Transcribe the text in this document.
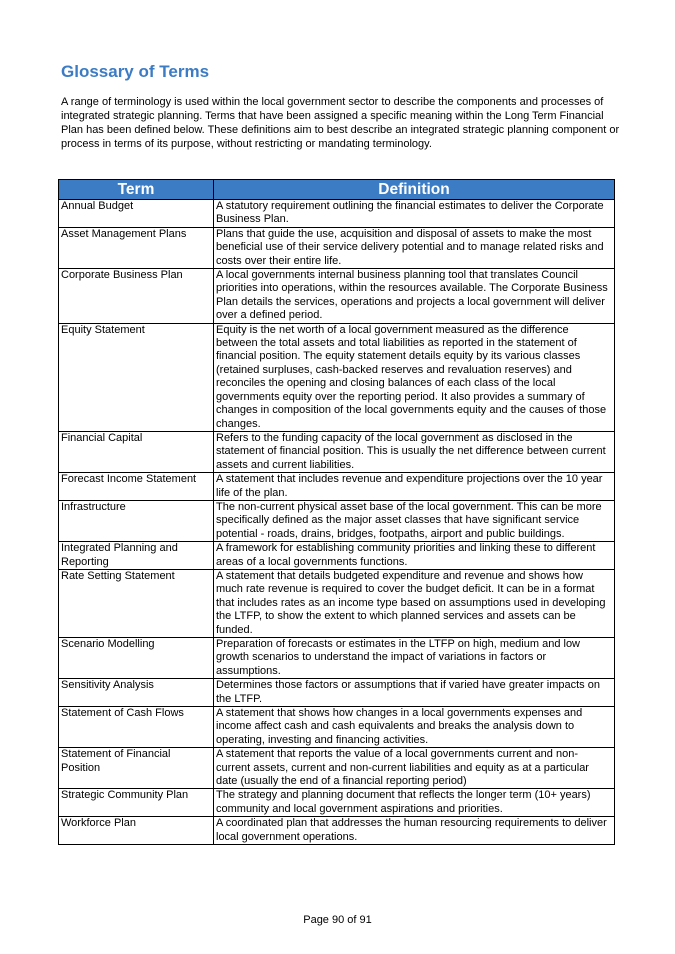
Glossary of Terms

A range of terminology is used within the local government sector to describe the components and processes of integrated strategic planning. Terms that have been assigned a specific meaning within the Long Term Financial Plan has been defined below. These definitions aim to best describe an integrated strategic planning component or process in terms of its purpose, without restricting or mandating terminology.

Term	Definition
Annual Budget	A statutory requirement outlining the financial estimates to deliver the Corporate Business Plan.
Asset Management Plans	Plans that guide the use, acquisition and disposal of assets to make the most beneficial use of their service delivery potential and to manage related risks and costs over their entire life.
Corporate Business Plan	A local governments internal business planning tool that translates Council priorities into operations, within the resources available. The Corporate Business Plan details the services, operations and projects a local government will deliver over a defined period.
Equity Statement	Equity is the net worth of a local government measured as the difference between the total assets and total liabilities as reported in the statement of financial position. The equity statement details equity by its various classes (retained surpluses, cash-backed reserves and revaluation reserves) and reconciles the opening and closing balances of each class of the local governments equity over the reporting period. It also provides a summary of changes in composition of the local governments equity and the causes of those changes.
Financial Capital	Refers to the funding capacity of the local government as disclosed in the statement of financial position. This is usually the net difference between current assets and current liabilities.
Forecast Income Statement	A statement that includes revenue and expenditure projections over the 10 year life of the plan.
Infrastructure	The non-current physical asset base of the local government. This can be more specifically defined as the major asset classes that have significant service potential - roads, drains, bridges, footpaths, airport and public buildings.
Integrated Planning and Reporting	A framework for establishing community priorities and linking these to different areas of a local governments functions.
Rate Setting Statement	A statement that details budgeted expenditure and revenue and shows how much rate revenue is required to cover the budget deficit. It can be in a format that includes rates as an income type based on assumptions used in developing the LTFP, to show the extent to which planned services and assets can be funded.
Scenario Modelling	Preparation of forecasts or estimates in the LTFP on high, medium and low growth scenarios to understand the impact of variations in factors or assumptions.
Sensitivity Analysis	Determines those factors or assumptions that if varied have greater impacts on the LTFP.
Statement of Cash Flows	A statement that shows how changes in a local governments expenses and income affect cash and cash equivalents and breaks the analysis down to operating, investing and financing activities.
Statement of Financial Position	A statement that reports the value of a local governments current and non-current assets, current and non-current liabilities and equity as at a particular date (usually the end of a financial reporting period)
Strategic Community Plan	The strategy and planning document that reflects the longer term (10+ years) community and local government aspirations and priorities.
Workforce Plan	A coordinated plan that addresses the human resourcing requirements to deliver local government operations.

Page 90 of 91
